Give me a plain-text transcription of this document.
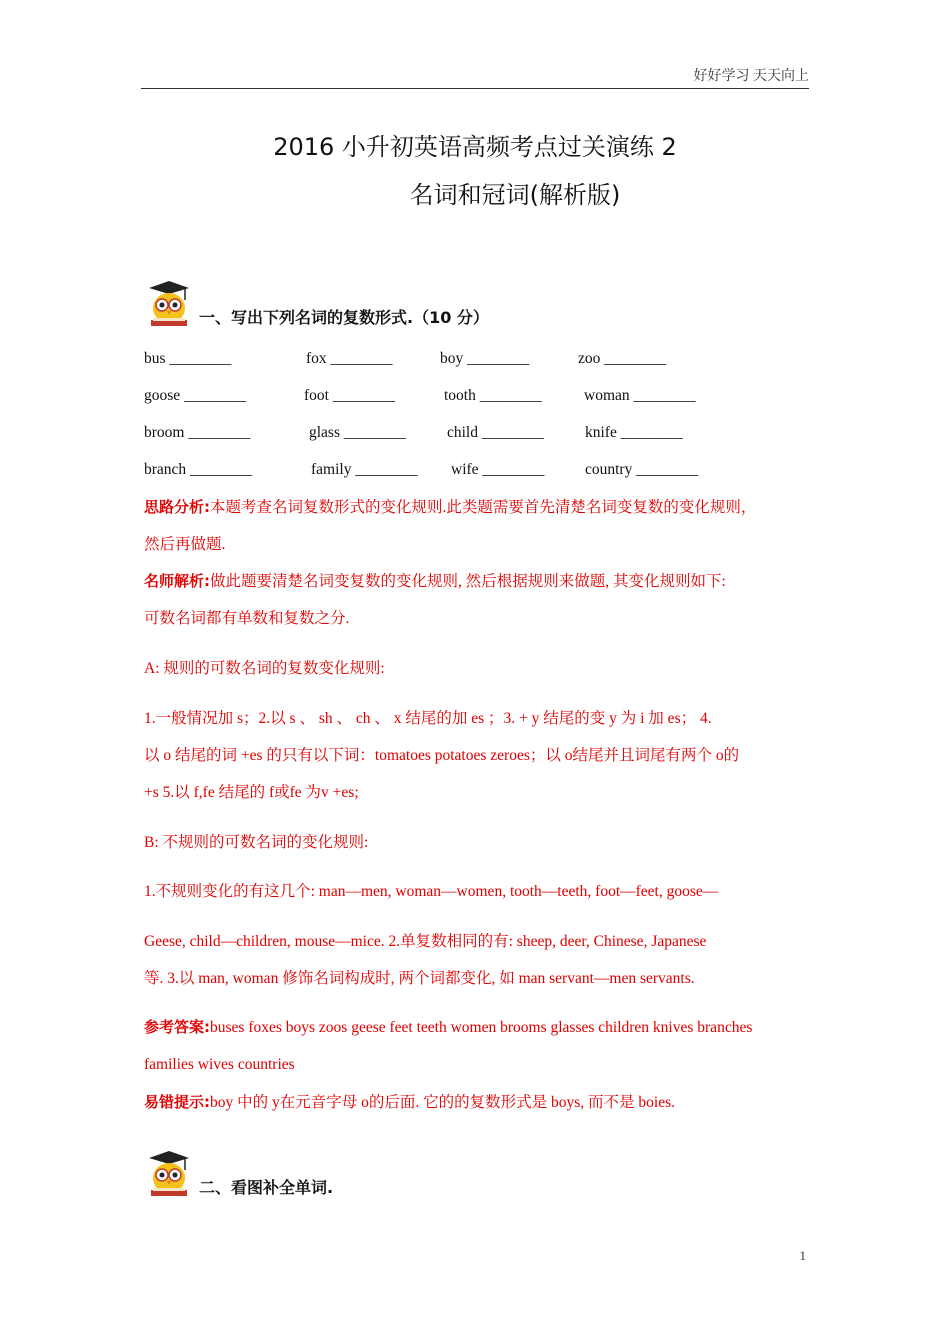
好好学习 天天向上
2016 小升初英语高频考点过关演练 2
名词和冠词(解析版)
一、写出下列名词的复数形式.（10 分）
bus ________	fox ________	boy ________	zoo ________
goose ________	foot ________	tooth ________	woman ________
broom ________	glass ________	child ________	knife ________
branch ________	family ________ wife ________	country ________
思路分析:本题考查名词复数形式的变化规则.此类题需要首先清楚名词变复数的变化规则，
然后再做题.
名师解析:做此题要清楚名词变复数的变化规则, 然后根据规则来做题, 其变化规则如下:
可数名词都有单数和复数之分.
A: 规则的可数名词的复数变化规则:
1.一般情况加 s；2.以 s 、 sh 、 ch 、 x 结尾的加 es ；3. + y 结尾的变 y 为 i 加 es； 4.
以 o 结尾的词 +es 的只有以下词：tomatoes potatoes zeroes；以 o结尾并且词尾有两个 o的
+s 5.以 f,fe 结尾的 f或fe 为v +es;
B: 不规则的可数名词的变化规则:
1.不规则变化的有这几个: man—men, woman—women, tooth—teeth, foot—feet, goose—
Geese, child—children, mouse—mice. 2.单复数相同的有: sheep, deer, Chinese, Japanese
等. 3.以 man, woman 修饰名词构成时, 两个词都变化, 如 man servant—men servants.
参考答案:buses foxes boys zoos geese feet teeth women brooms glasses children knives branches
families wives countries
易错提示:boy 中的 y在元音字母 o的后面. 它的的复数形式是 boys, 而不是 boies.
二、看图补全单词.
1
